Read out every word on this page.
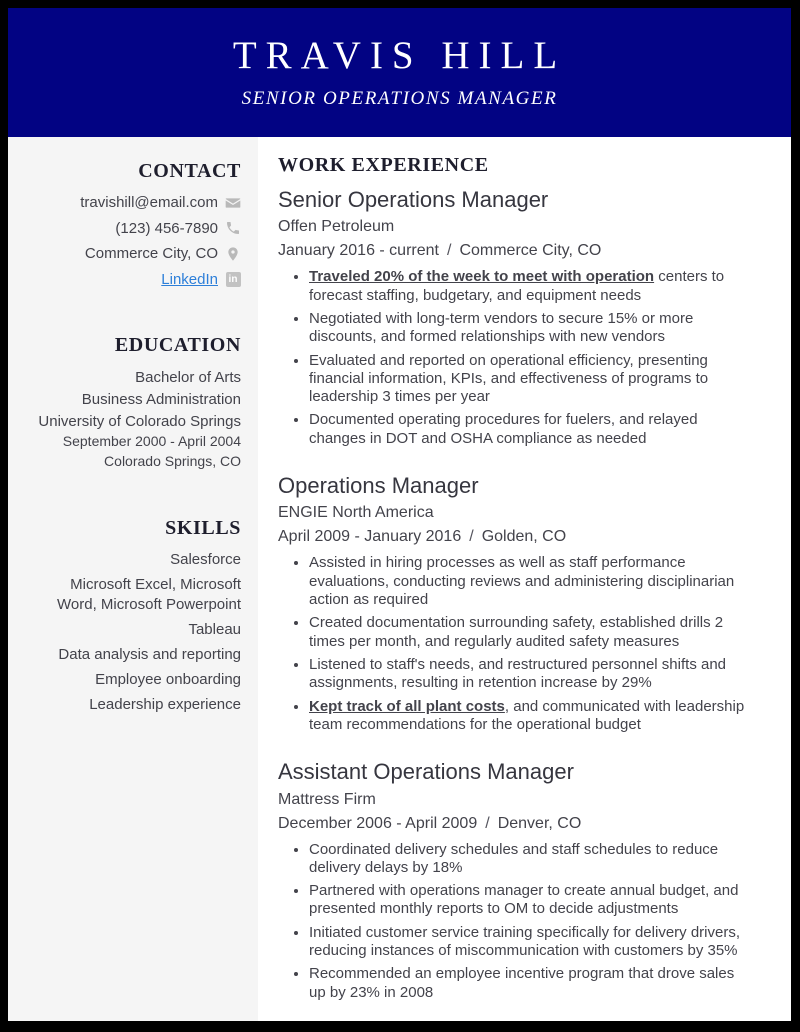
TRAVIS HILL
SENIOR OPERATIONS MANAGER
CONTACT
travishill@email.com
(123) 456-7890
Commerce City, CO
LinkedIn	in
EDUCATION
Bachelor of Arts
Business Administration
University of Colorado Springs
September 2000 - April 2004
Colorado Springs, CO
SKILLS
Salesforce
Microsoft Excel, Microsoft Word, Microsoft Powerpoint
Tableau
Data analysis and reporting
Employee onboarding
Leadership experience
WORK EXPERIENCE
Senior Operations Manager
Offen Petroleum
January 2016 - current / Commerce City, CO
• Traveled 20% of the week to meet with operation centers to forecast staffing, budgetary, and equipment needs
• Negotiated with long-term vendors to secure 15% or more discounts, and formed relationships with new vendors
• Evaluated and reported on operational efficiency, presenting financial information, KPIs, and effectiveness of programs to leadership 3 times per year
• Documented operating procedures for fuelers, and relayed changes in DOT and OSHA compliance as needed
Operations Manager
ENGIE North America
April 2009 - January 2016 / Golden, CO
• Assisted in hiring processes as well as staff performance evaluations, conducting reviews and administering disciplinarian action as required
• Created documentation surrounding safety, established drills 2 times per month, and regularly audited safety measures
• Listened to staff's needs, and restructured personnel shifts and assignments, resulting in retention increase by 29%
• Kept track of all plant costs, and communicated with leadership team recommendations for the operational budget
Assistant Operations Manager
Mattress Firm
December 2006 - April 2009 / Denver, CO
• Coordinated delivery schedules and staff schedules to reduce delivery delays by 18%
• Partnered with operations manager to create annual budget, and presented monthly reports to OM to decide adjustments
• Initiated customer service training specifically for delivery drivers, reducing instances of miscommunication with customers by 35%
• Recommended an employee incentive program that drove sales up by 23% in 2008
